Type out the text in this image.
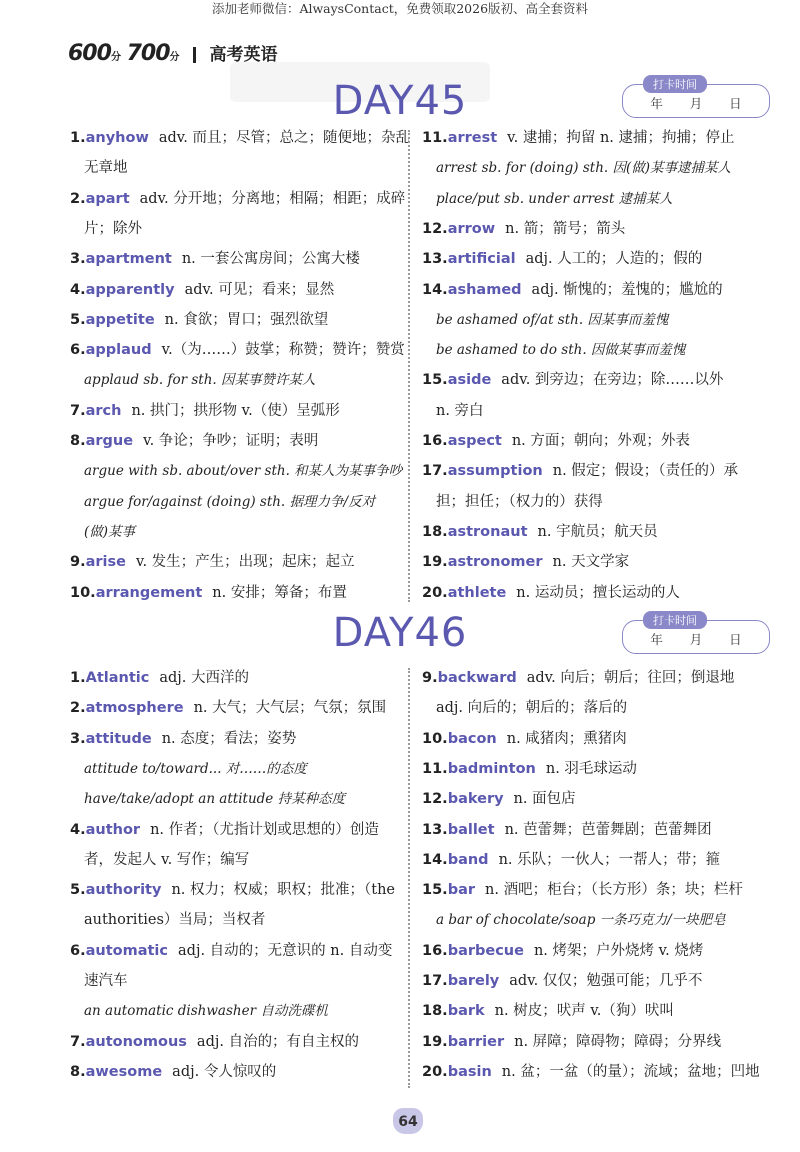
添加老师微信：AlwaysContact，免费领取2026版初、高全套资料
600分 700分 高考英语
DAY45	打卡时间
年 月 日
1.anyhow adv. 而且；尽管；总之；随便地；杂乱
无章地
2.apart adv. 分开地；分离地；相隔；相距；成碎
片；除外
3.apartment n. 一套公寓房间；公寓大楼
4.apparently adv. 可见；看来；显然
5.appetite n. 食欲；胃口；强烈欲望
6.applaud v.（为……）鼓掌；称赞；赞许；赞赏
applaud sb. for sth. 因某事赞许某人
7.arch n. 拱门；拱形物 v.（使）呈弧形
8.argue v. 争论；争吵；证明；表明
argue with sb. about/over sth. 和某人为某事争吵
argue for/against (doing) sth. 据理力争/反对
(做)某事
9.arise v. 发生；产生；出现；起床；起立
10.arrangement n. 安排；筹备；布置
11.arrest v. 逮捕；拘留 n. 逮捕；拘捕；停止
arrest sb. for (doing) sth. 因(做)某事逮捕某人
place/put sb. under arrest 逮捕某人
12.arrow n. 箭；箭号；箭头
13.artificial adj. 人工的；人造的；假的
14.ashamed adj. 惭愧的；羞愧的；尴尬的
be ashamed of/at sth. 因某事而羞愧
be ashamed to do sth. 因做某事而羞愧
15.aside adv. 到旁边；在旁边；除……以外
n. 旁白
16.aspect n. 方面；朝向；外观；外表
17.assumption n. 假定；假设；（责任的）承
担；担任；（权力的）获得
18.astronaut n. 宇航员；航天员
19.astronomer n. 天文学家
20.athlete n. 运动员；擅长运动的人
DAY46	打卡时间
年 月 日
1.Atlantic adj. 大西洋的
2.atmosphere n. 大气；大气层；气氛；氛围
3.attitude n. 态度；看法；姿势
attitude to/toward... 对……的态度
have/take/adopt an attitude 持某种态度
4.author n. 作者；（尤指计划或思想的）创造
者，发起人 v. 写作；编写
5.authority n. 权力；权威；职权；批准；（the
authorities）当局；当权者
6.automatic adj. 自动的；无意识的 n. 自动变
速汽车
an automatic dishwasher 自动洗碟机
7.autonomous adj. 自治的；有自主权的
8.awesome adj. 令人惊叹的
9.backward adv. 向后；朝后；往回；倒退地
adj. 向后的；朝后的；落后的
10.bacon n. 咸猪肉；熏猪肉
11.badminton n. 羽毛球运动
12.bakery n. 面包店
13.ballet n. 芭蕾舞；芭蕾舞剧；芭蕾舞团
14.band n. 乐队；一伙人；一帮人；带；箍
15.bar n. 酒吧；柜台；（长方形）条；块；栏杆
a bar of chocolate/soap 一条巧克力/一块肥皂
16.barbecue n. 烤架；户外烧烤 v. 烧烤
17.barely adv. 仅仅；勉强可能；几乎不
18.bark n. 树皮；吠声 v.（狗）吠叫
19.barrier n. 屏障；障碍物；障碍；分界线
20.basin n. 盆；一盆（的量）；流域；盆地；凹地
64
